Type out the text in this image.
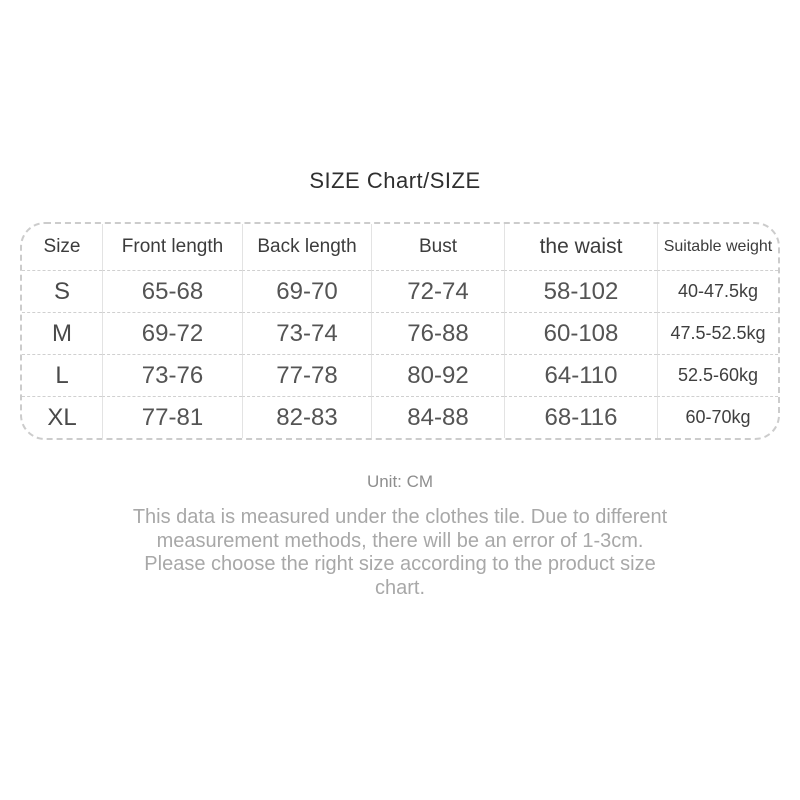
SIZE Chart/SIZE
Size	Front length	Back length	Bust	the waist	Suitable weight
S	65-68	69-70	72-74	58-102	40-47.5kg
M	69-72	73-74	76-88	60-108	47.5-52.5kg
L	73-76	77-78	80-92	64-110	52.5-60kg
XL	77-81	82-83	84-88	68-116	60-70kg
Unit: CM
This data is measured under the clothes tile. Due to different measurement methods, there will be an error of 1-3cm. Please choose the right size according to the product size chart.
